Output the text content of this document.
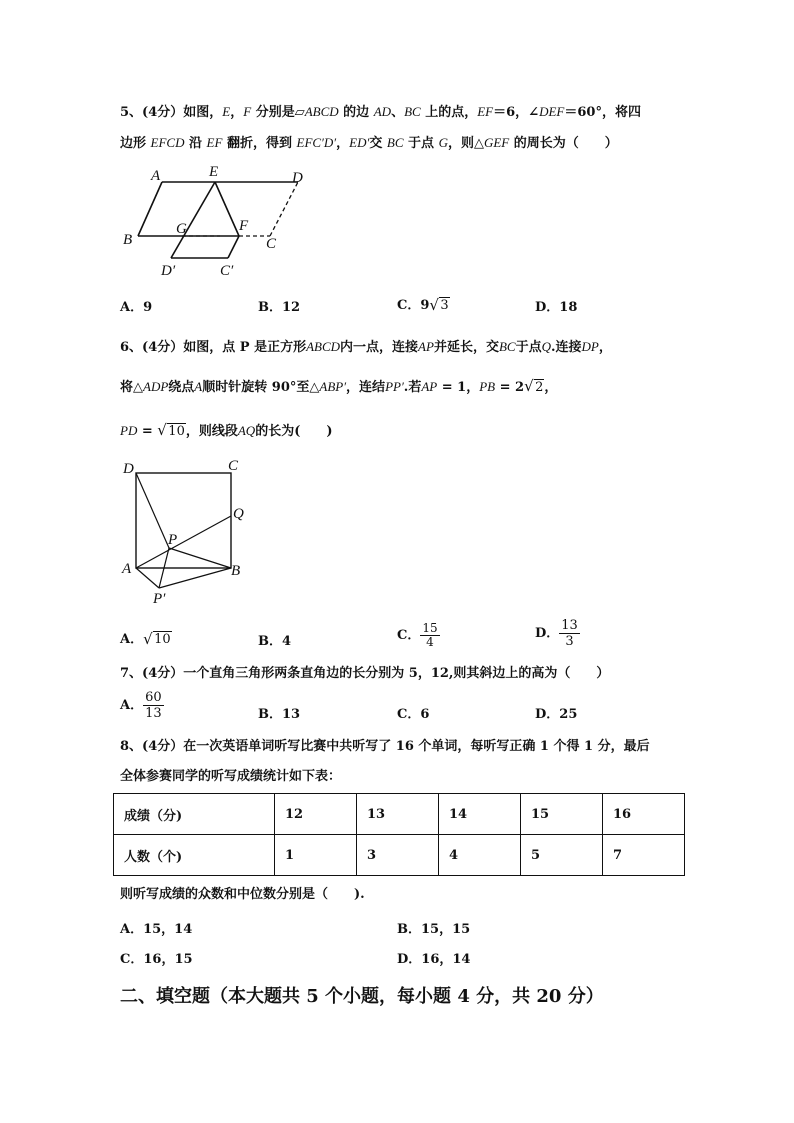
5、(4分）如图，E，F 分别是▱ABCD 的边 AD、BC 上的点，EF＝6，∠DEF＝60°，将四
边形 EFCD 沿 EF 翻折，得到 EFC′D′，ED′交 BC 于点 G，则△GEF 的周长为（　　）
A	E	D
B
G	F
C
D′	C′
A．9	B．12	C．9 √ 3	D．18
6、(4分）如图，点 P 是正方形ABCD内一点，连接AP并延长，交BC于点Q.连接DP，
将△ADP绕点A顺时针旋转 90°至△ABP′，连结PP′.若AP = 1，PB = 2 √ 2，
PD = √ 10，则线段AQ的长为(　　)
D	C
Q
P
A	B
P′
A． √ 10	B．4	C． $\frac{15}{4}$	D． $\frac{13}{3}$
7、(4分）一个直角三角形两条直角边的长分别为 5，12,则其斜边上的高为（　　）
A． $\frac{60}{13}$	B．13	C．6	D．25
8、(4分）在一次英语单词听写比赛中共听写了 16 个单词，每听写正确 1 个得 1 分，最后
全体参赛同学的听写成绩统计如下表：
成绩（分)	12	13	14	15	16
人数（个)	1	3	4	5	7
则听写成绩的众数和中位数分别是（　　).
A．15，14	B．15，15
C．16，15	D．16，14
二、填空题（本大题共 5 个小题，每小题 4 分，共 20 分）
